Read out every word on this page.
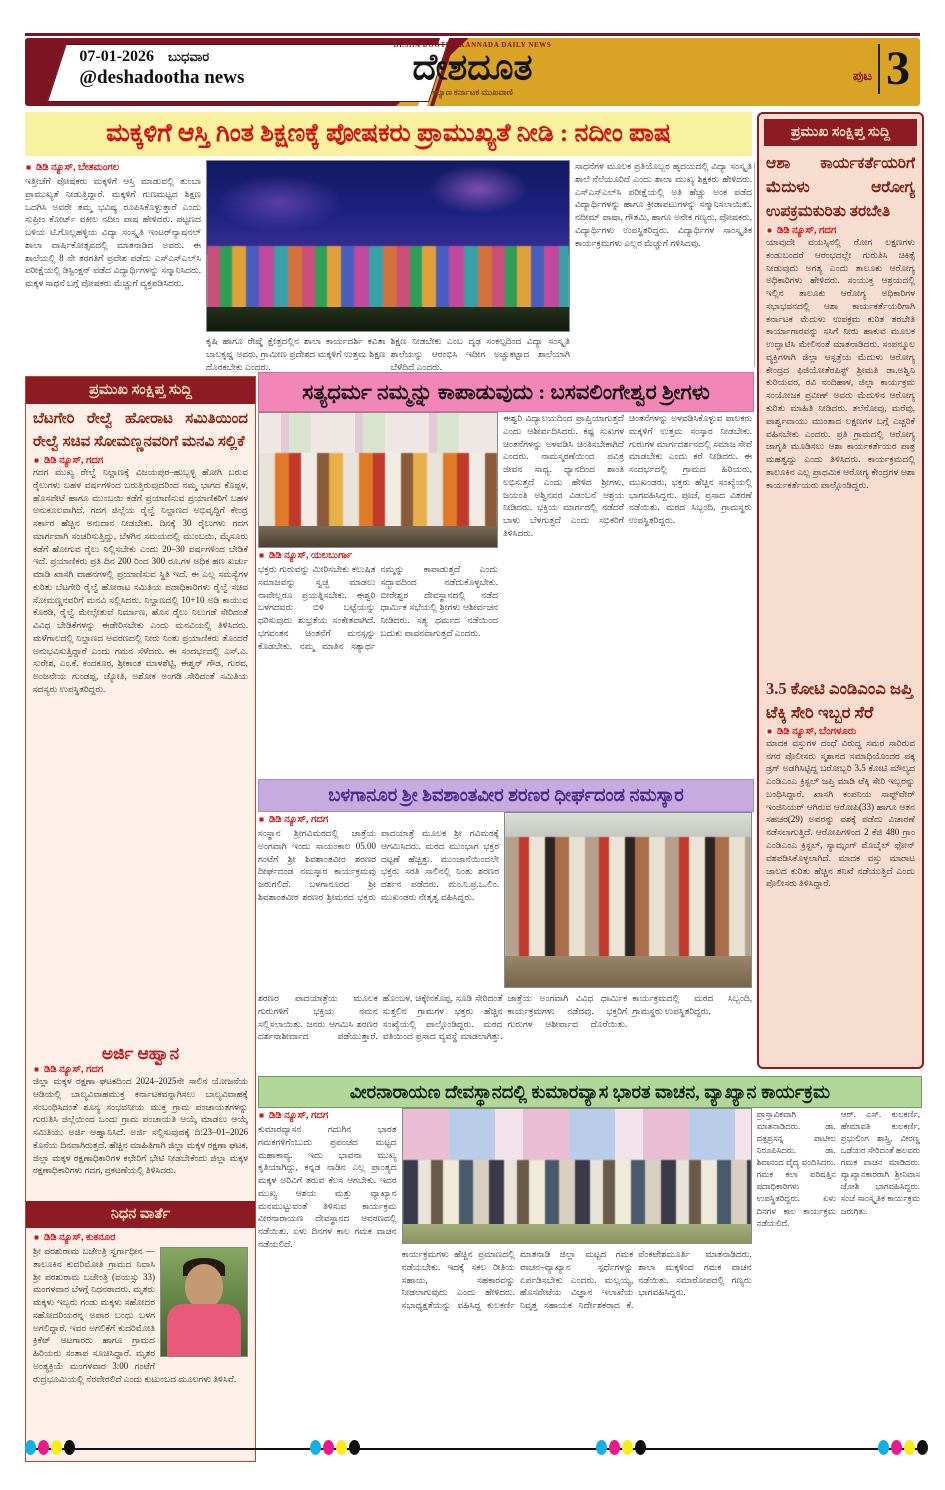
07-01-2026 ಬುಧವಾರ
@deshadootha news
DESHA DOOTHA KANNADA DAILY NEWS
ದೇಶದೂತ
ಕಲ್ಯಾಣ ಕರ್ನಾಟಕ ಮುಖವಾಣಿ
ಪುಟ 3
ಮಕ್ಕಳಿಗೆ ಆಸ್ತಿ ಗಿಂತ ಶಿಕ್ಷಣಕ್ಕೆ ಪೋಷಕರು ಪ್ರಾಮುಖ್ಯತೆ ನೀಡಿ : ನದೀಂ ಪಾಷ
ಡಿಡಿ ನ್ಯೂಸ್, ಬೇತಮಂಗಲ
ಇತ್ತೀಚೆಗೆ ಪೋಷಕರು ಮಕ್ಕಳಿಗೆ ಆಸ್ತಿ ಮಾಡುವಲ್ಲಿ ತುಂಬಾ ಪ್ರಾಮುಖ್ಯತೆ ನೀಡುತ್ತಿದ್ದಾರೆ. ಮಕ್ಕಳಿಗೆ ಗುಣಮಟ್ಟದ ಶಿಕ್ಷಣ ಒದಗಿಸಿ ಅವರೇ ತಮ್ಮ ಭವಿಷ್ಯ ರೂಪಿಸಿಕೊಳ್ಳುತ್ತಾರೆ ಎಂದು ಸುಪ್ರೀಂ ಕೋರ್ಟ್ ವಕೀಲ ನದೀಂ ಪಾಷ ಹೇಳಿದರು. ಪಟ್ಟಣದ ಬಳಿಯ ಟಿ.ಗೊಲ್ಲಹಳ್ಳಿಯ ವಿದ್ಯಾ ಸಂಸ್ಕೃತಿ ಇಂಟರ್‌ನ್ಯಾಷನಲ್ ಶಾಲಾ ವಾರ್ಷಿಕೋತ್ಸವದಲ್ಲಿ ಮಾತನಾಡಿದ ಅವರು. ಈ ಶಾಲೆಯಲ್ಲಿ 8 ನೇ ತರಗತಿಗೆ ಪ್ರವೇಶ ಪಡೆದು ಎಸ್‌ಎಸ್‌ಎಲ್‌ಸಿ ಪರೀಕ್ಷೆಯಲ್ಲಿ ಡಿಸ್ಟಿಂಕ್ಷನ್ ಪಡೆದ ವಿದ್ಯಾರ್ಥಿಗಳನ್ನು ಸನ್ಮಾನಿಸಿದರು. ಮಕ್ಕಳ ಸಾಧನೆ ಬಗ್ಗೆ ಪೋಷಕರು ಮೆಚ್ಚುಗೆ ವ್ಯಕ್ತಪಡಿಸಿದರು.
ಕೃಷಿ ಹಾಗೂ ರೇಷ್ಮೆ ಕ್ಷೇತ್ರದಲ್ಲಿನ ಶಾಲಾ ಕಾರ್ಯದರ್ಶಿ ಕವಿತಾ ಬಾಲಕೃಷ್ಣ ಅವರು, ಗ್ರಾಮೀಣ ಪ್ರದೇಶದ ಮಕ್ಕಳಿಗೆ ಉತ್ತಮ ಶಿಕ್ಷಣ ದೊರಕಬೇಕು ಎಂದರು.
ಶಿಕ್ಷಣ ನೀಡಬೇಕು ಎಂಬ ದೃಢ ಸಂಕಲ್ಪದಿಂದ ವಿದ್ಯಾ ಸಂಸ್ಕೃತಿ ಶಾಲೆಯನ್ನು ಆರಂಭಿಸಿ ಇದೀಗ ಅಚ್ಚುಕಟ್ಟಾದ ಶಾಲೆಯಾಗಿ ಬೆಳೆದಿದೆ ಎಂದರು.
ಸಾಧನೆಗಳ ಮೂಲಕ ಪ್ರತಿಯೊಬ್ಬರ ಹೃದಯದಲ್ಲಿ ವಿದ್ಯಾ ಸಂಸ್ಕೃತಿ ಶಾಲೆ ನೆಲೆಯೂರಿದೆ ಎಂದು ಶಾಲಾ ಮುಖ್ಯ ಶಿಕ್ಷಕರು ಹೇಳಿದರು. ಎಸ್‌ಎಸ್‌ಎಲ್‌ಸಿ ಪರೀಕ್ಷೆಯಲ್ಲಿ ಅತಿ ಹೆಚ್ಚು ಅಂಕ ಪಡೆದ ವಿದ್ಯಾರ್ಥಿಗಳನ್ನು ಹಾಗೂ ಕ್ರೀಡಾಪಟುಗಳನ್ನು ಸನ್ಮಾನಿಸಲಾಯಿತು. ನದೀಮ್ ಪಾಷಾ, ಗೌತಮಿ, ಹಾಗೂ ಅನೇಕ ಗಣ್ಯರು, ಪೋಷಕರು, ವಿದ್ಯಾರ್ಥಿಗಳು ಉಪಸ್ಥಿತರಿದ್ದರು. ವಿದ್ಯಾರ್ಥಿಗಳ ಸಾಂಸ್ಕೃತಿಕ ಕಾರ್ಯಕ್ರಮಗಳು ಎಲ್ಲರ ಮೆಚ್ಚುಗೆ ಗಳಿಸಿದವು.
ಪ್ರಮುಖ ಸಂಕ್ಷಿಪ್ತ ಸುದ್ದಿ
ಬೆಟಗೇರಿ ರೇಲ್ವೆ ಹೋರಾಟ ಸಮಿತಿಯಿಂದ ರೇಲ್ವೆ ಸಚಿವ ಸೋಮಣ್ಣನವರಿಗೆ ಮನವಿ ಸಲ್ಲಿಕೆ
ಡಿಡಿ ನ್ಯೂಸ್, ಗದಗ
ಗದಗ ಮುಖ್ಯ ರೇಲ್ವೆ ನಿಲ್ದಾಣಕ್ಕೆ ವಿಜಯಪುರ–ಹುಬ್ಬಳ್ಳಿ ಹೋಗಿ ಬರುವ ರೈಲುಗಳು ಬಹಳ ವರ್ಷಗಳಿಂದ ಬರುತ್ತಿರುವುದರಿಂದ ನಮ್ಮ ಭಾಗದ ಕೊಪ್ಪಳ, ಹೊಸಪೇಟೆ ಹಾಗೂ ಮುಂಬಯಿ ಕಡೆಗೆ ಪ್ರಯಾಣಿಸುವ ಪ್ರಯಾಣಿಕರಿಗೆ ಬಹಳ ಅನುಕೂಲವಾಗಿದೆ. ಗದಗ ಜಿಲ್ಲೆಯ ರೈಲ್ವೆ ನಿಲ್ದಾಣದ ಅಭಿವೃದ್ಧಿಗೆ ಕೇಂದ್ರ ಸರ್ಕಾರ ಹೆಚ್ಚಿನ ಅನುದಾನ ನೀಡಬೇಕು. ದಿನಕ್ಕೆ 30 ರೈಲುಗಳು ಗದಗ ಮಾರ್ಗವಾಗಿ ಸಂಚರಿಸುತ್ತಿದ್ದು, ಬೆಳಗಿನ ಸಮಯದಲ್ಲಿ ಮುಂಬಯಿ, ಮೈಸೂರು ಕಡೆಗೆ ಹೋಗುವ ರೈಲು ನಿಲ್ಲಿಸಬೇಕು ಎಂದು 20–30 ವರ್ಷಗಳಿಂದ ಬೇಡಿಕೆ ಇದೆ. ಪ್ರಯಾಣಿಕರು ಪ್ರತಿ ದಿನ 200 ರಿಂದ 300 ರೂ.ಗಳ ಅಧಿಕ ಹಣ ಖರ್ಚು ಮಾಡಿ ಖಾಸಗಿ ವಾಹನಗಳಲ್ಲಿ ಪ್ರಯಾಣಿಸುವ ಸ್ಥಿತಿ ಇದೆ. ಈ ಎಲ್ಲ ಸಮಸ್ಯೆಗಳ ಕುರಿತು ಬೆಟಗೇರಿ ರೈಲ್ವೆ ಹೋರಾಟ ಸಮಿತಿಯ ಪದಾಧಿಕಾರಿಗಳು ರೈಲ್ವೆ ಸಚಿವ ಸೋಮಣ್ಣನವರಿಗೆ ಮನವಿ ಸಲ್ಲಿಸಿದರು. ನಿಲ್ದಾಣದಲ್ಲಿ 10+10 ಅಡಿ ಕಾಯುವ ಕೊಠಡಿ, ರೈಲ್ವೆ ಮೇಲ್ಸೇತುವೆ ನಿರ್ಮಾಣ, ಹೊಸ ರೈಲು ನಿಲುಗಡೆ ಸೇರಿದಂತೆ ವಿವಿಧ ಬೇಡಿಕೆಗಳನ್ನು ಈಡೇರಿಸಬೇಕು ಎಂದು ಮನವಿಯಲ್ಲಿ ತಿಳಿಸಿದರು. ಮಳೆಗಾಲದಲ್ಲಿ ನಿಲ್ದಾಣದ ಆವರಣದಲ್ಲಿ ನೀರು ನಿಂತು ಪ್ರಯಾಣಿಕರು ತೊಂದರೆ ಅನುಭವಿಸುತ್ತಿದ್ದಾರೆ ಎಂದು ಗಮನ ಸೆಳೆದರು. ಈ ಸಂದರ್ಭದಲ್ಲಿ ಎಸ್.ಎ. ಸುರೇಶ, ಎಂ.ಕೆ. ಕಂದಕೂರ, ಶ್ರೀಕಾಂತ ಮಾಳಶೆಟ್ಟಿ, ಈಶ್ವರ್ ಗೌಡ, ಗುರವ, ಅಂಜನೇಯ ಗುಂಡಪ್ಪ, ಜ್ಯೋತಿ, ಅಶೋಕ ಅಂಗಡಿ ಸೇರಿದಂತೆ ಸಮಿತಿಯ ಸದಸ್ಯರು ಉಪಸ್ಥಿತರಿದ್ದರು.
ಅರ್ಜಿ ಆಹ್ವಾನ
ಡಿಡಿ ನ್ಯೂಸ್, ಗದಗ
ಜಿಲ್ಲಾ ಮಕ್ಕಳ ರಕ್ಷಣಾ ಘಟಕದಿಂದ 2024–2025ನೇ ಸಾಲಿನ ಯೋಜನೆಯ ಆಡಿಯಲ್ಲಿ ಬಾಲ್ಯವಿವಾಹಮುಕ್ತ ಕರ್ನಾಟಕವನ್ನಾಗಿಸಲು ಬಾಲ್ಯವಿವಾಹಕ್ಕೆ ಸಂಬಂಧಿಸಿದಂತೆ ಶೂನ್ಯ ಸಂಭವನೀಯ ಮುಕ್ತ ಗ್ರಾಮ ಪಂಚಾಯತಗಳನ್ನು ಗುರುತಿಸಿ ಜಿಲ್ಲೆಯಿಂದ ಒಂದು ಗ್ರಾಮ ಪಂಚಾಯತಿ ಆಯ್ಕೆ ಮಾಡಲು ಆಯ್ಕೆ ಸಮಿತಿಯು ಅರ್ಜಿ ಆಹ್ವಾನಿಸಿದೆ. ಅರ್ಜಿ ಸಲ್ಲಿಸುವುದಕ್ಕೆ ದಿ:23–01–2026 ಕೊನೆಯ ದಿನವಾಗಿರುತ್ತದೆ. ಹೆಚ್ಚಿನ ಮಾಹಿತಿಗಾಗಿ ಜಿಲ್ಲಾ ಮಕ್ಕಳ ರಕ್ಷಣಾ ಘಟಕ, ಜಿಲ್ಲಾ ಮಕ್ಕಳ ರಕ್ಷಣಾಧಿಕಾರಿಗಳ ಕಛೇರಿಗೆ ಭೇಟಿ ನೀಡಬೇಕೆಂದು ಜಿಲ್ಲಾ ಮಕ್ಕಳ ರಕ್ಷಣಾಧಿಕಾರಿಗಳು ಗದಗ, ಪ್ರಕಟಣೆಯಲ್ಲಿ ತಿಳಿಸಿದರು.
ನಿಧನ ವಾರ್ತೆ
ಡಿಡಿ ನ್ಯೂಸ್, ಕುಕನೂರ
ಶ್ರೀ ಪರಶುರಾಮ ಬಜೇಂತ್ರಿ ಸ್ವರ್ಗಾಧೀನ — ತಾಲೂಕಿನ ಕುದರಿಮೋತಿ ಗ್ರಾಮದ ನಿವಾಸಿ ಶ್ರೀ ಪರಶುರಾಮ ಬಜೇಂತ್ರಿ (ವಯಸ್ಸು 33) ಮಂಗಳವಾರ ಬೆಳಗ್ಗೆ ನಿಧನರಾದರು. ಮೃತರು ಮಕ್ಕಳು ಇಬ್ಬರು ಗಂಡು ಮಕ್ಕಳು ಸಹೋದರ ಸಹೋದರಿಯರನ್ನ ಅಪಾರ ಬಂಧು ಬಳಗ ಅಗಲಿದ್ದಾರೆ. ಇವರ ಅಗಲಿಕೆಗೆ ಕುದರಿಮೋತಿ ಕ್ರಿಕೆಟ್ ಆಟಗಾರರು ಹಾಗೂ ಗ್ರಾಮದ ಹಿರಿಯರು ಸಂತಾಪ ಸೂಚಿಸಿದ್ದಾರೆ. ಮೃತರ ಅಂತ್ಯಕ್ರಿಯೆ ಮಂಗಳವಾರ 3:00 ಗಂಟೆಗೆ ರುದ್ರಭೂಮಿಯಲ್ಲಿ ನೆರವೇರಲಿದೆ ಎಂದು ಕುಟುಂಬದ ಮೂಲಗಳು ತಿಳಿಸಿವೆ.
ಪ್ರಮುಖ ಸಂಕ್ಷಿಪ್ತ ಸುದ್ದಿ
ಆಶಾ ಕಾರ್ಯಕರ್ತೆಯರಿಗೆ ಮೆದುಳು ಆರೋಗ್ಯ ಉಪಕ್ರಮಕುರಿತು ತರಬೇತಿ
ಡಿಡಿ ನ್ಯೂಸ್, ಗದಗ
ಯಾವುದೇ ವಯಸ್ಸಿನಲ್ಲಿ ರೋಗ ಲಕ್ಷಣಗಳು ಕಂಡುಬಂದರೆ ಆರಂಭದಲ್ಲೇ ಗುರುತಿಸಿ ಚಿಕಿತ್ಸೆ ನೀಡುವುದು ಅಗತ್ಯ ಎಂದು ತಾಲೂಕು ಆರೋಗ್ಯ ಅಧಿಕಾರಿಗಳು ಹೇಳಿದರು. ಸಂಯುಕ್ತ ಆಶ್ರಯದಲ್ಲಿ ಇಲ್ಲಿನ ತಾಲೂಕು ಆರೋಗ್ಯ ಅಧಿಕಾರಿಗಳ ಸಭಾಭವನದಲ್ಲಿ ಆಶಾ ಕಾರ್ಯಕರ್ತೆಯರಿಗಾಗಿ ಕರ್ನಾಟಕ ಮೆದುಳು ಉಪಕ್ರಮ ಕುರಿತ ತರಬೇತಿ ಕಾರ್ಯಾಗಾರವನ್ನು ಸಸಿಗೆ ನೀರು ಹಾಕುವ ಮೂಲಕ ಉದ್ಘಾಟಿಸಿ ಮೇಲಿನಂತೆ ಮಾತನಾಡಿದರು. ಸಂಪನ್ಮೂಲ ವ್ಯಕ್ತಿಗಳಾಗಿ ಜಿಲ್ಲಾ ಆಸ್ಪತ್ರೆಯ ಮೆದುಳು ಆರೋಗ್ಯ ಕೇಂದ್ರದ ಫಿಜಿಯೋತೆರಪಿಸ್ಟ್ ಶ್ರೀಮತಿ ಡಾ.ಅಶ್ವಿನಿ ಕುರಿಯವರ, ರವಿ ನಂದಿಹಾಳ, ಜಿಲ್ಲಾ ಕಾರ್ಯಕ್ರಮ ಸಂಯೋಜಕ ಪ್ರವೀಣ್ ಅವರು ಮೆದುಳಿನ ಆರೋಗ್ಯ ಕುರಿತು ಮಾಹಿತಿ ನೀಡಿದರು. ತಲೆನೋವು, ಮರೆವು, ಪಾರ್ಶ್ವವಾಯು ಮುಂತಾದ ಲಕ್ಷಣಗಳ ಬಗ್ಗೆ ಎಚ್ಚರಿಕೆ ವಹಿಸಬೇಕು ಎಂದರು. ಪ್ರತಿ ಗ್ರಾಮದಲ್ಲಿ ಆರೋಗ್ಯ ಜಾಗೃತಿ ಮೂಡಿಸಲು ಆಶಾ ಕಾರ್ಯಕರ್ತೆಯರ ಪಾತ್ರ ಮಹತ್ವದ್ದು ಎಂದು ತಿಳಿಸಿದರು. ಕಾರ್ಯಕ್ರಮದಲ್ಲಿ ತಾಲೂಕಿನ ಎಲ್ಲ ಪ್ರಾಥಮಿಕ ಆರೋಗ್ಯ ಕೇಂದ್ರಗಳ ಆಶಾ ಕಾರ್ಯಕರ್ತೆಯರು ಪಾಲ್ಗೊಂಡಿದ್ದರು.
3.5 ಕೋಟಿ ಎಂಡಿಎಂಎ ಜಪ್ತಿ ಟೆಕ್ಕಿ ಸೇರಿ ಇಬ್ಬರ ಸೆರೆ
ಡಿಡಿ ನ್ಯೂಸ್, ಬೆಂಗಳೂರು
ಮಾದಕ ವಸ್ತುಗಳ ದಂಧೆ ವಿರುದ್ಧ ಸಮರ ಸಾರಿರುವ ನಗರ ಪೊಲೀಸರು ಸ್ಮಶಾನದ ಸಮಾಧಿಯೊಂದರ ಪಕ್ಕ ಡ್ರಗ್ ಅಡಗಿಸಿಟ್ಟಿದ್ದ ಬರೋಬ್ಬರಿ 3.5 ಕೋಟಿ ಮೌಲ್ಯದ ಎಂಡಿಎಂಎ ಕ್ರಿಸ್ಟಲ್ ಜಪ್ತಿ ಮಾಡಿ ಟೆಕ್ಕಿ ಸೇರಿ ಇಬ್ಬರನ್ನು ಬಂಧಿಸಿದ್ದಾರೆ. ಖಾಸಗಿ ಕಂಪನಿಯ ಸಾಫ್ಟ್‌ವೇರ್ ಇಂಜಿನಿಯರ್ ಆಗಿರುವ ಆರೋಪಿ(33) ಹಾಗೂ ಆತನ ಸಹಚರ(29) ಅವರನ್ನು ವಶಕ್ಕೆ ಪಡೆದು ವಿಚಾರಣೆ ನಡೆಸಲಾಗುತ್ತಿದೆ. ಆರೋಪಿಗಳಿಂದ 2 ಕೆಜಿ 480 ಗ್ರಾಂ ಎಂಡಿಎಂಎ ಕ್ರಿಸ್ಟಲ್, ಸ್ಯಾಮ್ಸಂಗ್ ಮೊಬೈಲ್ ಫೋನ್ ವಶಪಡಿಸಿಕೊಳ್ಳಲಾಗಿದೆ. ಮಾದಕ ವಸ್ತು ಮಾರಾಟ ಜಾಲದ ಕುರಿತು ಹೆಚ್ಚಿನ ತನಿಖೆ ನಡೆಯುತ್ತಿದೆ ಎಂದು ಪೊಲೀಸರು ತಿಳಿಸಿದ್ದಾರೆ.
ಸತ್ಯಧರ್ಮ ನಮ್ಮನ್ನು ಕಾಪಾಡುವುದು : ಬಸವಲಿಂಗೇಶ್ವರ ಶ್ರೀಗಳು
ಡಿಡಿ ನ್ಯೂಸ್, ಯಲಬುರ್ಗಾ
ಭಕ್ತರು ಗುರುವನ್ನು ಮೀರಿಸಬೇಕು ಕಲುಷಿತ ಸಮಾಜವನ್ನು ಸ್ವಚ್ಛ ಮಾಡಲು ನಾವೇಲ್ಲರೂ ಪ್ರಯತ್ನಿಸಬೇಕು. ಈಶ್ವರಿ ಬಳಗದವರು ಬಿಳಿ ಬಟ್ಟೆಯನ್ನು ಧರಿಸುವುದು ಶುಭ್ರತೆಯ ಸಂಕೇತವಾಗಿದೆ. ಭಗವಂತನ ಚಿಂತನೆಗೆ ಮನಸ್ಸನ್ನು ಕೊಡಬೇಕು. ನಮ್ಮ ಮಾತಿನ ಸತ್ಯಾರ್ಥ ನಮ್ಮನ್ನು ಕಾಪಾಡುತ್ತದೆ ಎಂದು ಸದ್ಭಾವದಿಂದ ನಡೆದುಕೊಳ್ಳಬೇಕು. ಬೀರೇಶ್ವರ ದೇವಸ್ಥಾನದಲ್ಲಿ ನಡೆದ ಧಾರ್ಮಿಕ ಸಭೆಯಲ್ಲಿ ಶ್ರೀಗಳು ಆಶೀರ್ವಚನ ನೀಡಿದರು. ಸತ್ಯ ಧರ್ಮದ ನಡೆಯಿಂದ ಬದುಕು ಪಾವನವಾಗುತ್ತದೆ ಎಂದರು.
ಈಶ್ವರಿ ವಿದ್ಯಾಲಯದಿಂದ ಪ್ರಾಪ್ತಿಯಾಗುತ್ತದೆ ಎಂದು ಆಶೀರ್ವದಿಸಿದರು. ಕಷ್ಟ ಸುಖಗಳ ಚಿಂತನೆಗಳನ್ನು ಅಳವಡಿಸಿ ಚಿಂತಿಸಬೇಕಾಗಿದೆ ಎಂದರು. ನಾಮಸ್ಮರಣೆಯಿಂದ ಪವಿತ್ರ ಜೀವನ ಸಾಧ್ಯ. ಧ್ಯಾನದಿಂದ ಶಾಂತಿ ಲಭಿಸುತ್ತದೆ ಎಂದು ಹೇಳಿದ ಶ್ರೀಗಳು, ಜಯಂತಿ ಅಶ್ವಿನವರ ವಿಡಂಬನೆ ಆಶ್ರಯ ನೀಡಿದರು. ಭಕ್ತಿಯ ಮಾರ್ಗದಲ್ಲಿ ನಡೆದರೆ ಬಾಳು ಬೆಳಗುತ್ತದೆ ಎಂದು ಸಭಿಕರಿಗೆ ತಿಳಿಸಿದರು.
ಚಿಂತನೆಗಳನ್ನು ಅಳವಡಿಸಿಕೊಳ್ಳುವ ಪಾಲಕರು ಮಕ್ಕಳಿಗೆ ಉತ್ತಮ ಸಂಸ್ಕಾರ ನೀಡಬೇಕು. ಗುರುಗಳ ಮಾರ್ಗದರ್ಶನದಲ್ಲಿ ಸಮಾಜ ಸೇವೆ ಮಾಡಬೇಕು ಎಂದು ಕರೆ ನೀಡಿದರು. ಈ ಸಂದರ್ಭದಲ್ಲಿ ಗ್ರಾಮದ ಹಿರಿಯರು, ಮುಖಂಡರು, ಭಕ್ತರು ಹೆಚ್ಚಿನ ಸಂಖ್ಯೆಯಲ್ಲಿ ಭಾಗವಹಿಸಿದ್ದರು. ಪೂಜೆ, ಪ್ರಸಾದ ವಿತರಣೆ ನಡೆಯಿತು. ಮಠದ ಸಿಬ್ಬಂದಿ, ಗ್ರಾಮಸ್ಥರು ಉಪಸ್ಥಿತರಿದ್ದರು.
ಬಳಗಾನೂರ ಶ್ರೀ ಶಿವಶಾಂತವೀರ ಶರಣರ ಧೀರ್ಘದಂಡ ನಮಸ್ಕಾರ
ಡಿಡಿ ನ್ಯೂಸ್, ಗದಗ
ಸಂಸ್ಥಾನ ಶ್ರೀಗವಿಮಠದಲ್ಲಿ ಜಾತ್ರೆಯ ಅಂಗವಾಗಿ ಇಂದು ಸಾಯಂಕಾಲ 05.00 ಗಂಟೆಗೆ ಶ್ರೀ ಶಿವಶಾಂತವೀರ ಶರಣರ ದೀರ್ಘದಂಡ ನಮಸ್ಕಾರ ಕಾರ್ಯಕ್ರಮವು ಜರುಗಲಿದೆ. ಬಳಗಾನೂರದ ಶ್ರೀ ಶಿವಶಾಂತವೀರ ಶರಣರ ಶ್ರೀಮಠದ ಭಕ್ತರು ಪಾದಯಾತ್ರೆ ಮೂಲಕ ಶ್ರೀ ಗವಿಮಠಕ್ಕೆ ಆಗಮಿಸಿದರು. ಮಠದ ಮುಂಭಾಗ ಭಕ್ತರ ದಟ್ಟಣೆ ಹೆಚ್ಚಿತ್ತು. ಮುಂಜಾನೆಯಿಂದಲೇ ಭಕ್ತರು ಸರತಿ ಸಾಲಿನಲ್ಲಿ ನಿಂತು ಶರಣರ ದರ್ಶನ ಪಡೆದರು. ಮಂ.ನಿ.ಪ್ರ.ಒ.ಲಿಂ. ಮುಖಂಡರು ನೇತೃತ್ವ ವಹಿಸಿದ್ದರು.
ಶರಣರ ಪಾದಯಾತ್ರೆಯ ಮೂಲಕ ಗುರುಗಳಿಗೆ ಭಕ್ತಿಯ ನಮನ ಸಲ್ಲಿಸಲಾಯಿತು. ಜನರು ಆಗಮಿಸಿ ಶರಣರ ದರ್ಶನಾಶೀರ್ವಾದ ಪಡೆಯುತ್ತಾರೆ. ಹೊಂಬಳ, ಚಿಕ್ಕೇನಕೊಪ್ಪ, ಸೂಡಿ ಸೇರಿದಂತೆ ಸುತ್ತಲಿನ ಗ್ರಾಮಗಳ ಭಕ್ತರು ಹೆಚ್ಚಿನ ಸಂಖ್ಯೆಯಲ್ಲಿ ಪಾಲ್ಗೊಂಡಿದ್ದರು. ಮಠದ ವತಿಯಿಂದ ಪ್ರಸಾದ ವ್ಯವಸ್ಥೆ ಮಾಡಲಾಗಿತ್ತು. ಜಾತ್ರೆಯ ಅಂಗವಾಗಿ ವಿವಿಧ ಧಾರ್ಮಿಕ ಕಾರ್ಯಕ್ರಮಗಳು ನಡೆದವು. ಭಕ್ತರಿಗೆ ಗುರುಗಳ ಆಶೀರ್ವಾದ ದೊರೆಯಿತು. ಕಾರ್ಯಕ್ರಮದಲ್ಲಿ ಮಠದ ಸಿಬ್ಬಂದಿ, ಗ್ರಾಮಸ್ಥರು ಉಪಸ್ಥಿತರಿದ್ದರು.
ವೀರನಾರಾಯಣ ದೇವಸ್ಥಾನದಲ್ಲಿ ಕುಮಾರವ್ಯಾಸ ಭಾರತ ವಾಚನ, ವ್ಯಾಖ್ಯಾನ ಕಾರ್ಯಕ್ರಮ
ಡಿಡಿ ನ್ಯೂಸ್, ಗದಗ
ಕುಮಾರವ್ಯಾಸನ ಗದುಗಿನ ಭಾರತ ಗಮಕಗಳಿಗೆಂಬುದು ಪ್ರಪಂಚದ ಮಟ್ಟದ ಮಹಾಕಾವ್ಯ. ಇದು ಭಾವನಾ ಮುಖ್ಯ ಕೃತಿಯಾಗಿದ್ದು, ಕನ್ನಡ ನಾಡಿನ ಎಲ್ಲ ಪ್ರಾಂತ್ಯದ ಮಕ್ಕಳ ಅರಿವಿಗೆ ತರುವ ಕೆಲಸ ಆಗಬೇಕು. ಇದರ ಮುಖ್ಯ ಆಶಯ ಮತ್ತು ವ್ಯಾಖ್ಯಾನ ಮನಮುಟ್ಟುವಂತೆ ತಿಳಿಸುವ ಕಾರ್ಯಕ್ರಮ ವೀರನಾರಾಯಣ ದೇವಸ್ಥಾನದ ಆವರಣದಲ್ಲಿ ನಡೆಯಿತು. ಏಳು ದಿನಗಳ ಕಾಲ ಗಮಕ ವಾಚನ ನಡೆಯಲಿದೆ.
ಕಾರ್ಯಕ್ರಮಗಳು ಹೆಚ್ಚಿನ ಪ್ರಮಾಣದಲ್ಲಿ ನಡೆಯಬೇಕು. ಇದಕ್ಕೆ ಸಕಲ ರೀತಿಯ ಸಹಾಯ, ಸಹಕಾರವನ್ನು ನೀಡಲಾಗುವುದು ಎಂದು ಹೇಳಿದರು. ಸಭಾಧ್ಯಕ್ಷತೆಯನ್ನು ವಹಿಸಿದ್ದ ಕುಲಕರ್ಣಿ ಮಾತನಾಡಿ ಜಿಲ್ಲಾ ಮಟ್ಟದ ಗಮಕ ವಾಚನ–ವ್ಯಾಖ್ಯಾನ ಸ್ಪರ್ಧೆಗಳನ್ನು ಏರ್ಪಡಿಸಬೇಕು ಎಂದರು. ಮಲ್ಲಯ್ಯ, ಹೊಸಪೇಟೆಯ ವಿಜ್ಞಾನ ಇಲಾಖೆಯ ನಿವೃತ್ತ ಸಹಾಯಕ ನಿರ್ದೇಶಕರಾದ ಕೆ. ವೆಂಕಟೇಶಮೂರ್ತಿ ಮಾತನಾಡಿದರು. ಶಾಲಾ ಮಕ್ಕಳಿಂದ ಗಮಕ ವಾಚನ ನಡೆಯಿತು. ಸಮಾರೋಪದಲ್ಲಿ ಗಣ್ಯರು ಭಾಗವಹಿಸಿದ್ದರು.
ಪ್ರಾಸ್ತಾವಿಕವಾಗಿ ಮಾತನಾಡಿದರು. ಡಾ. ದತ್ತಪ್ರಸನ್ನ ಪಾಟೀಲ ನಿರೂಪಿಸಿದರು. ಡಾ. ಶಿವಾನಂದ ವೈದ್ಯ ವಂದಿಸಿದರು. ಗಮಕ ಕಲಾ ಪರಿಷತ್ತಿನ ಪದಾಧಿಕಾರಿಗಳು ಉಪಸ್ಥಿತರಿದ್ದರು. ಏಳು ದಿನಗಳ ಕಾಲ ಕಾರ್ಯಕ್ರಮ ನಡೆಯಲಿದೆ.
ಆರ್. ಎಸ್. ಕುಲಕರ್ಣಿ, ಹೇಮಾವತಿ ಕುಲಕರ್ಣಿ, ಪ್ರಭುಲಿಂಗ ಶಾಸ್ತ್ರಿ, ವೀರಣ್ಣ ಒಡೆಯರ ಸೇರಿದಂತೆ ಹಲವರು ಗಮಕ ವಾಚನ ಮಾಡಿದರು. ವ್ಯಾಖ್ಯಾನಕಾರರಾಗಿ ಶ್ರೀನಿವಾಸ ಜೋಶಿ ಭಾಗವಹಿಸಿದ್ದರು. ಸಂಜೆ ಸಾಂಸ್ಕೃತಿಕ ಕಾರ್ಯಕ್ರಮ ಜರುಗಿತು.
